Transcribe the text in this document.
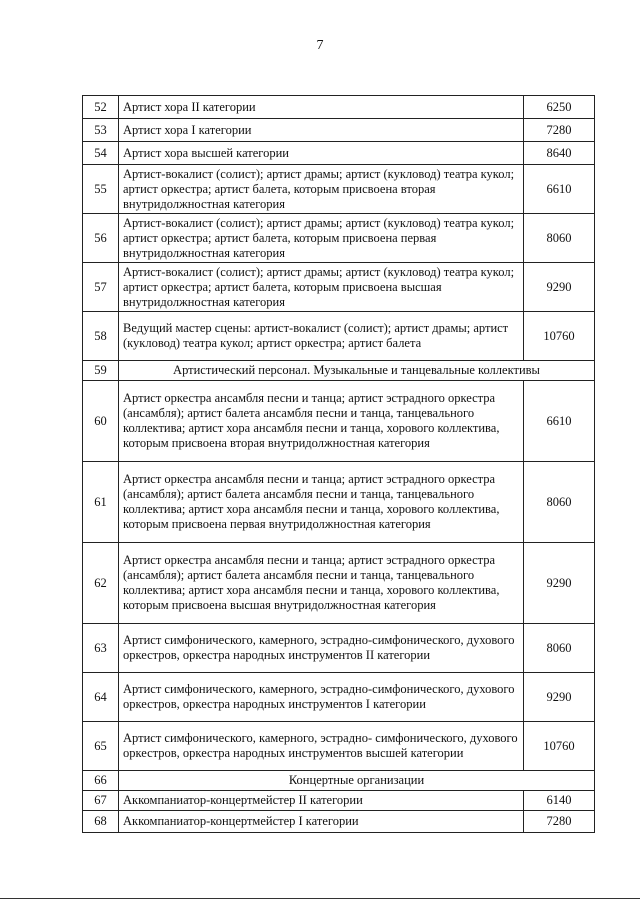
7
52	Артист хора II категории	6250
53	Артист хора I категории	7280
54	Артист хора высшей категории	8640
55	Артист-вокалист (солист); артист драмы; артист (кукловод) театра кукол; артист оркестра; артист балета, которым присвоена вторая внутридолжностная категория	6610
56	Артист-вокалист (солист); артист драмы; артист (кукловод) театра кукол; артист оркестра; артист балета, которым присвоена первая внутридолжностная категория	8060
57	Артист-вокалист (солист); артист драмы; артист (кукловод) театра кукол; артист оркестра; артист балета, которым присвоена высшая внутридолжностная категория	9290
58	Ведущий мастер сцены: артист-вокалист (солист); артист драмы; артист (кукловод) театра кукол; артист оркестра; артист балета	10760
59	Артистический персонал. Музыкальные и танцевальные коллективы	
60	Артист оркестра ансамбля песни и танца; артист эстрадного оркестра (ансамбля); артист балета ансамбля песни и танца, танцевального коллектива; артист хора ансамбля песни и танца, хорового коллектива, которым присвоена вторая внутридолжностная категория	6610
61	Артист оркестра ансамбля песни и танца; артист эстрадного оркестра (ансамбля); артист балета ансамбля песни и танца, танцевального коллектива; артист хора ансамбля песни и танца, хорового коллектива, которым присвоена первая внутридолжностная категория	8060
62	Артист оркестра ансамбля песни и танца; артист эстрадного оркестра (ансамбля); артист балета ансамбля песни и танца, танцевального коллектива; артист хора ансамбля песни и танца, хорового коллектива, которым присвоена высшая внутридолжностная категория	9290
63	Артист симфонического, камерного, эстрадно-симфонического, духового оркестров, оркестра народных инструментов II категории	8060
64	Артист симфонического, камерного, эстрадно-симфонического, духового оркестров, оркестра народных инструментов I категории	9290
65	Артист симфонического, камерного, эстрадно- симфонического, духового оркестров, оркестра народных инструментов высшей категории	10760
66	Концертные организации	
67	Аккомпаниатор-концертмейстер II категории	6140
68	Аккомпаниатор-концертмейстер I категории	7280
